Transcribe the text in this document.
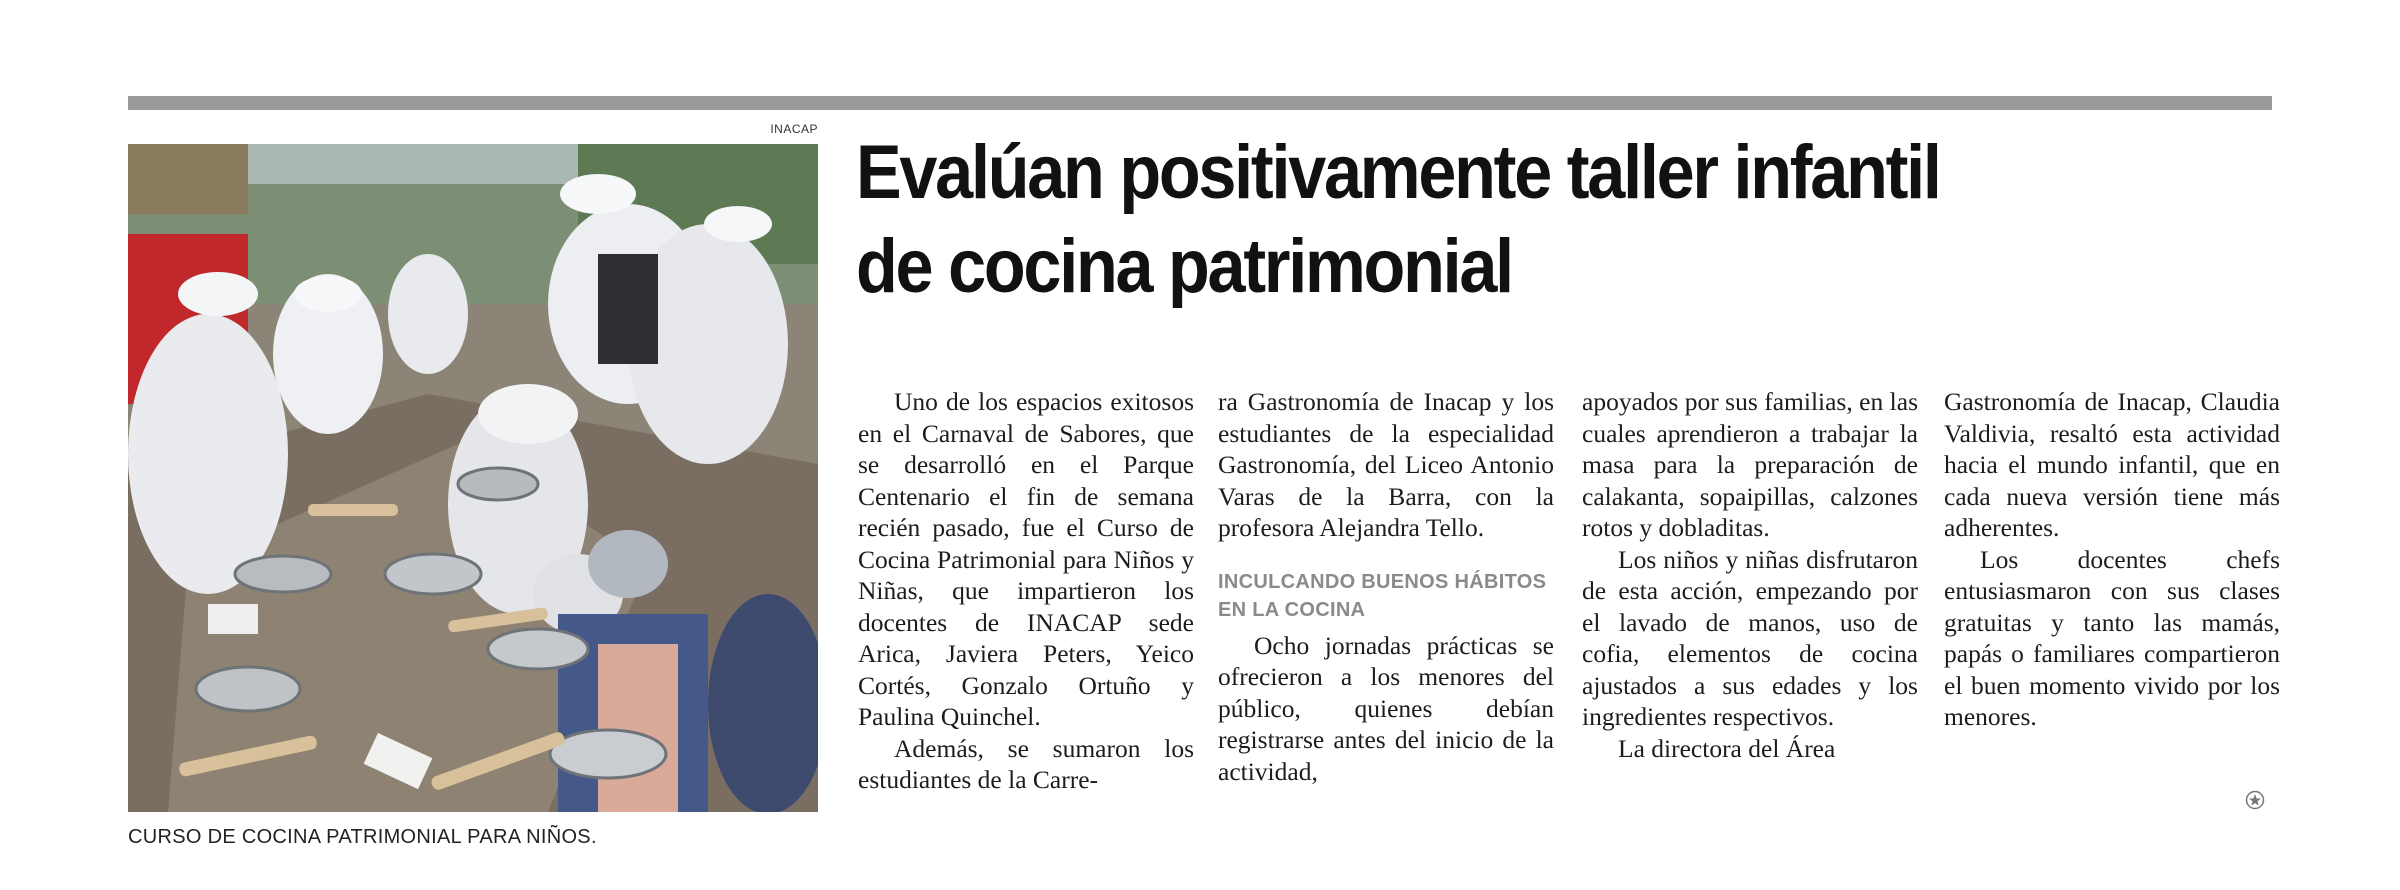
INACAP
CURSO DE COCINA PATRIMONIAL PARA NIÑOS.
Evalúan positivamente taller infantil
de cocina patrimonial

Uno de los espacios exitosos en el Carnaval de Sabores, que se desarrolló en el Parque Centenario el fin de semana recién pasado, fue el Curso de Cocina Patrimonial para Niños y Niñas, que impartieron los docentes de INACAP sede Arica, Javiera Peters, Yeico Cortés, Gonzalo Ortuño y Paulina Quinchel.

Además, se sumaron los estudiantes de la Carre-

ra Gastronomía de Inacap y los estudiantes de la especialidad Gastronomía, del Liceo Antonio Varas de la Barra, con la profesora Alejandra Tello.

INCULCANDO BUENOS HÁBITOS EN LA COCINA

Ocho jornadas prácticas se ofrecieron a los menores del público, quienes debían registrarse antes del inicio de la actividad,

apoyados por sus familias, en las cuales aprendieron a trabajar la masa para la preparación de calakanta, sopaipillas, calzones rotos y dobladitas.

Los niños y niñas disfrutaron de esta acción, empezando por el lavado de manos, uso de cofia, elementos de cocina ajustados a sus edades y los ingredientes respectivos.

La directora del Área

Gastronomía de Inacap, Claudia Valdivia, resaltó esta actividad hacia el mundo infantil, que en cada nueva versión tiene más adherentes.

Los docentes chefs entusiasmaron con sus clases gratuitas y tanto las mamás, papás o familiares compartieron el buen momento vivido por los menores.
